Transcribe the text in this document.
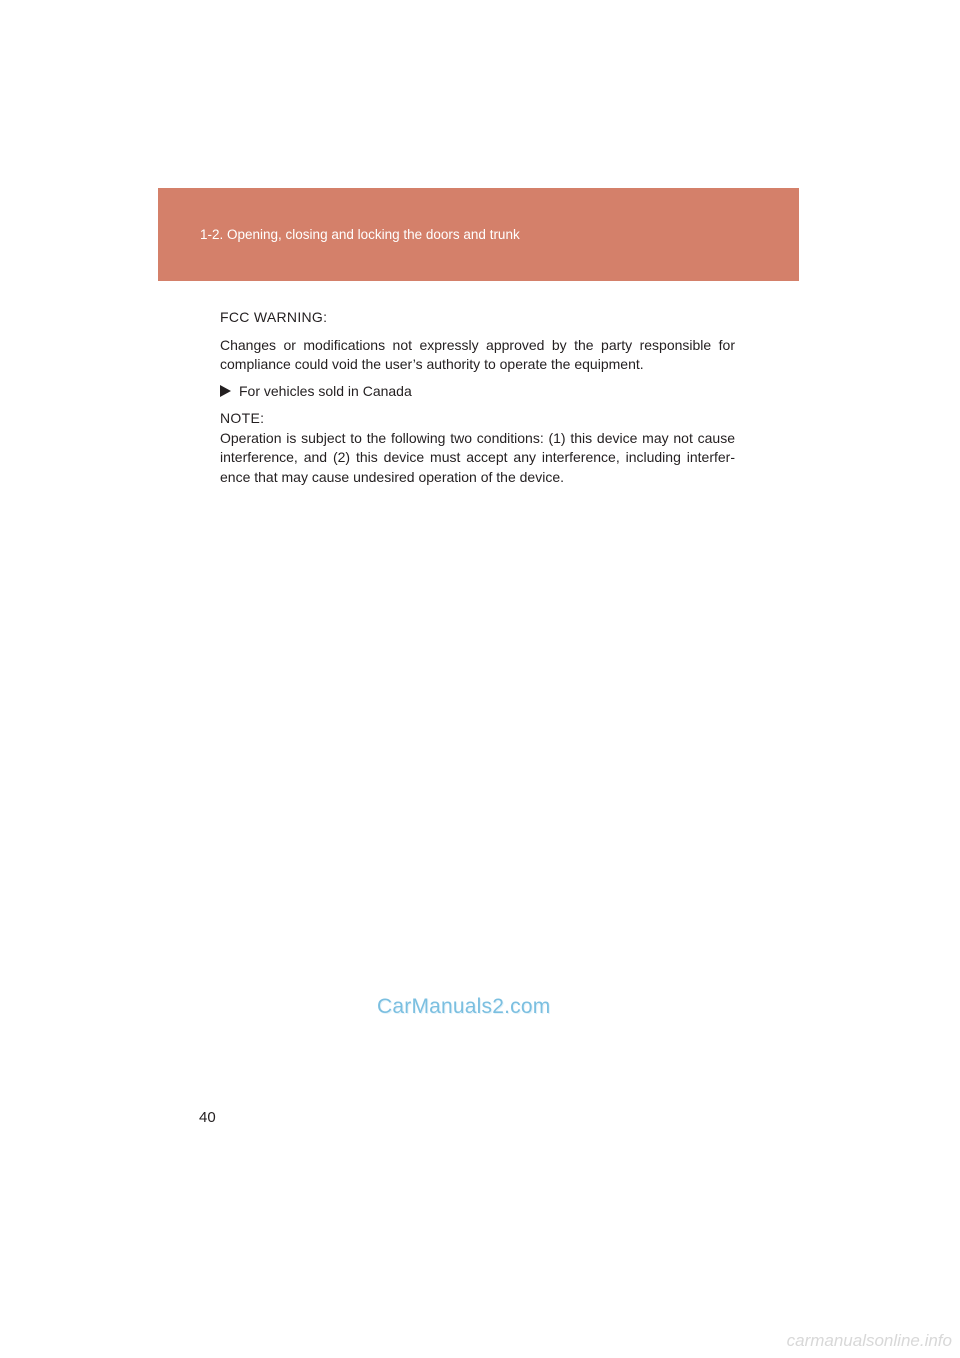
1-2. Opening, closing and locking the doors and trunk

FCC WARNING:

Changes or modifications not expressly approved by the party responsible for compliance could void the user’s authority to operate the equipment.

For vehicles sold in Canada

NOTE:

Operation is subject to the following two conditions: (1) this device may not cause interference, and (2) this device must accept any interference, including interfer-ence that may cause undesired operation of the device.

CarManuals2.com
40
carmanualsonline.info
